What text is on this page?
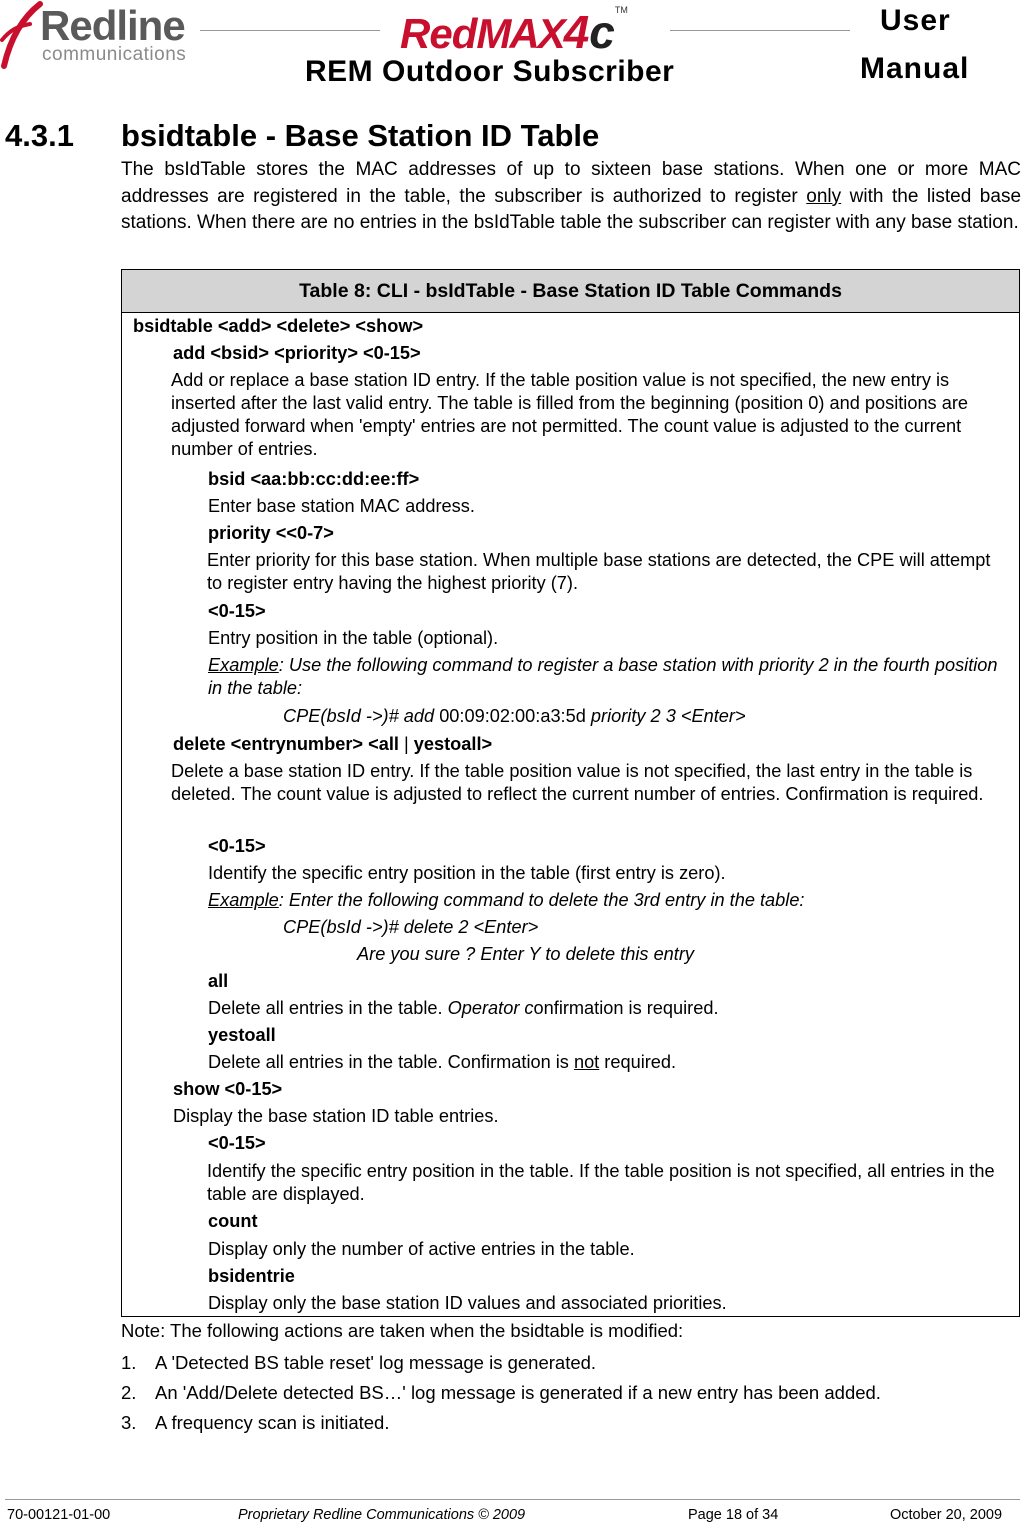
Redline
communications	RedMAX4c™
REM Outdoor Subscriber
User
Manual
4.3.1 bsidtable - Base Station ID Table
The bsIdTable stores the MAC addresses of up to sixteen base stations. When one or more MAC addresses are registered in the table, the subscriber is authorized to register only with the listed base stations. When there are no entries in the bsIdTable table the subscriber can register with any base station.
Table 8: CLI - bsIdTable - Base Station ID Table Commands
bsidtable <add> <delete> <show>
add <bsid> <priority> <0-15>
Add or replace a base station ID entry. If the table position value is not specified, the new entry is inserted after the last valid entry. The table is filled from the beginning (position 0) and positions are adjusted forward when 'empty' entries are not permitted. The count value is adjusted to the current number of entries.
bsid <aa:bb:cc:dd:ee:ff>
Enter base station MAC address.
priority <<0-7>
Enter priority for this base station. When multiple base stations are detected, the CPE will attempt to register entry having the highest priority (7).
<0-15>
Entry position in the table (optional).
Example: Use the following command to register a base station with priority 2 in the fourth position in the table:
CPE(bsId ->)# add 00:09:02:00:a3:5d priority 2 3 <Enter>
delete <entrynumber> <all | yestoall>
Delete a base station ID entry. If the table position value is not specified, the last entry in the table is deleted. The count value is adjusted to reflect the current number of entries. Confirmation is required.
<0-15>
Identify the specific entry position in the table (first entry is zero).
Example: Enter the following command to delete the 3rd entry in the table:
CPE(bsId ->)# delete 2 <Enter>
Are you sure ? Enter Y to delete this entry
all
Delete all entries in the table. Operator confirmation is required.
yestoall
Delete all entries in the table. Confirmation is not required.
show <0-15>
Display the base station ID table entries.
<0-15>
Identify the specific entry position in the table. If the table position is not specified, all entries in the table are displayed.
count
Display only the number of active entries in the table.
bsidentrie
Display only the base station ID values and associated priorities.
Note: The following actions are taken when the bsidtable is modified:
1. A 'Detected BS table reset' log message is generated.
2. An 'Add/Delete detected BS…' log message is generated if a new entry has been added.
3. A frequency scan is initiated.
70-00121-01-00	Proprietary Redline Communications © 2009	Page 18 of 34	October 20, 2009
